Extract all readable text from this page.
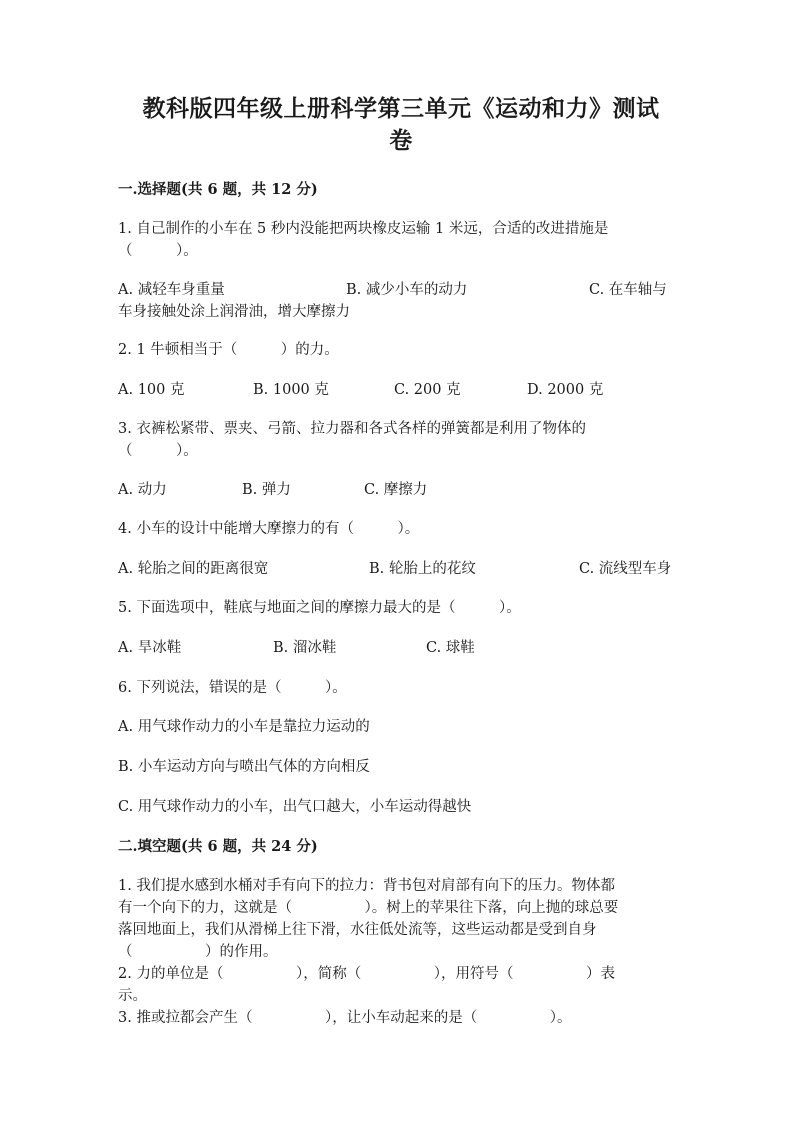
教科版四年级上册科学第三单元《运动和力》测试
卷
一.选择题(共 6 题，共 12 分)
1. 自己制作的小车在 5 秒内没能把两块橡皮运输 1 米远，合适的改进措施是
（　　　）。
A. 减轻车身重量	B. 减少小车的动力	C. 在车轴与
车身接触处涂上润滑油，增大摩擦力
2. 1 牛顿相当于（　　　）的力。
A. 100 克	B. 1000 克	C. 200 克	D. 2000 克
3. 衣裤松紧带、票夹、弓箭、拉力器和各式各样的弹簧都是利用了物体的
（　　　）。
A. 动力	B. 弹力	C. 摩擦力
4. 小车的设计中能增大摩擦力的有（　　　）。
A. 轮胎之间的距离很宽	B. 轮胎上的花纹	C. 流线型车身
5. 下面选项中，鞋底与地面之间的摩擦力最大的是（　　　）。
A. 旱冰鞋	B. 溜冰鞋	C. 球鞋
6. 下列说法，错误的是（　　　）。
A. 用气球作动力的小车是靠拉力运动的
B. 小车运动方向与喷出气体的方向相反
C. 用气球作动力的小车，出气口越大，小车运动得越快
二.填空题(共 6 题，共 24 分)
1. 我们提水感到水桶对手有向下的拉力：背书包对肩部有向下的压力。物体都
有一个向下的力，这就是（　　　　　）。树上的苹果往下落，向上抛的球总要
落回地面上，我们从滑梯上往下滑，水往低处流等，这些运动都是受到自身
（　　　　　）的作用。
2. 力的单位是（　　　　　），简称（　　　　　），用符号（　　　　　）表
示。
3. 推或拉都会产生（　　　　　），让小车动起来的是（　　　　　）。
